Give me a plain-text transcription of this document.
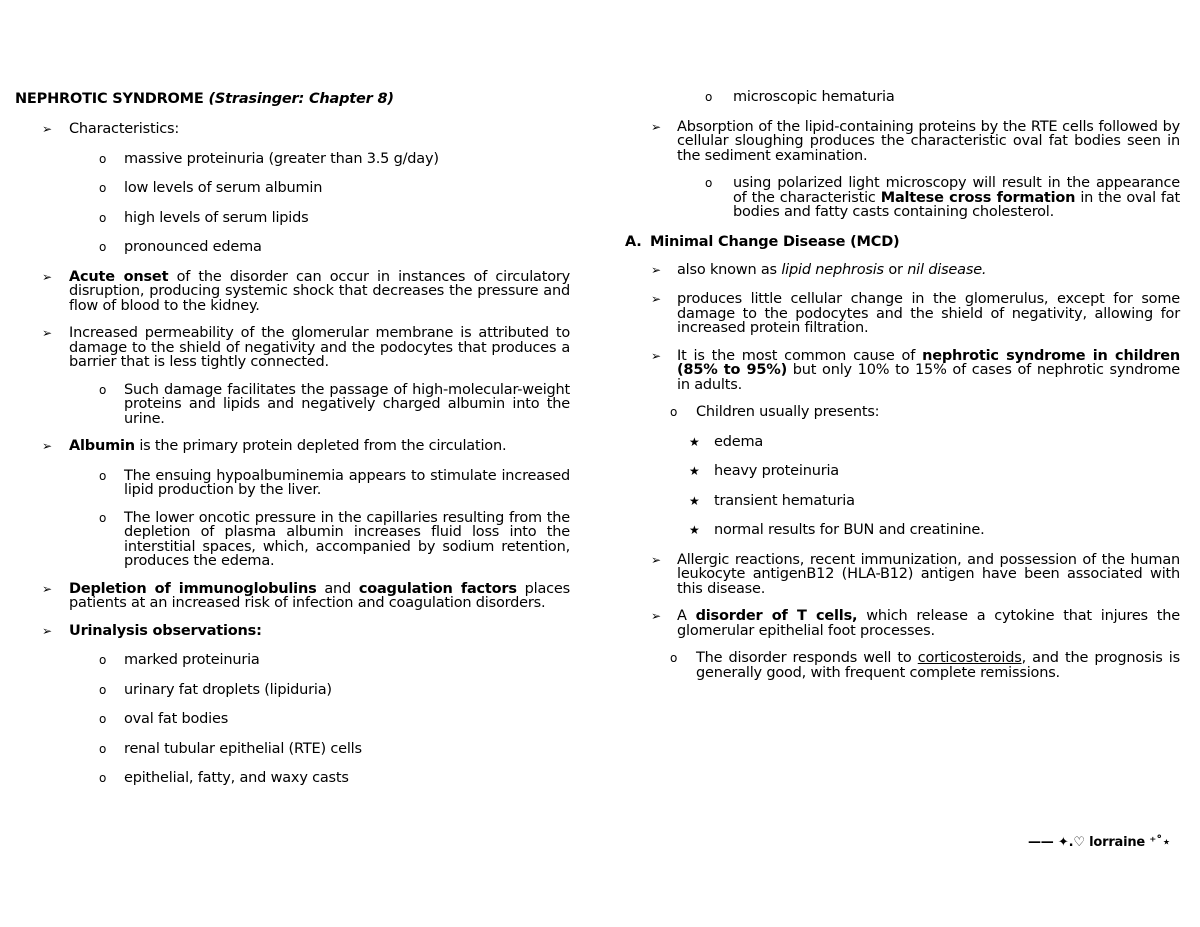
NEPHROTIC SYNDROME (Strasinger: Chapter 8)
➢ Characteristics:
o massive proteinuria (greater than 3.5 g/day)
o low levels of serum albumin
o high levels of serum lipids
o pronounced edema
➢ Acute onset of the disorder can occur in instances of circulatory disruption, producing systemic shock that decreases the pressure and flow of blood to the kidney.
➢ Increased permeability of the glomerular membrane is attributed to damage to the shield of negativity and the podocytes that produces a barrier that is less tightly connected.
o Such damage facilitates the passage of high-molecular-weight proteins and lipids and negatively charged albumin into the urine.
➢ Albumin is the primary protein depleted from the circulation.
o The ensuing hypoalbuminemia appears to stimulate increased lipid production by the liver.
o The lower oncotic pressure in the capillaries resulting from the depletion of plasma albumin increases fluid loss into the interstitial spaces, which, accompanied by sodium retention, produces the edema.
➢ Depletion of immunoglobulins and coagulation factors places patients at an increased risk of infection and coagulation disorders.
➢ Urinalysis observations:
o marked proteinuria
o urinary fat droplets (lipiduria)
o oval fat bodies
o renal tubular epithelial (RTE) cells
o epithelial, fatty, and waxy casts
o microscopic hematuria
➢ Absorption of the lipid-containing proteins by the RTE cells followed by cellular sloughing produces the characteristic oval fat bodies seen in the sediment examination.
o using polarized light microscopy will result in the appearance of the characteristic Maltese cross formation in the oval fat bodies and fatty casts containing cholesterol.
A. Minimal Change Disease (MCD)
➢ also known as lipid nephrosis or nil disease.
➢ produces little cellular change in the glomerulus, except for some damage to the podocytes and the shield of negativity, allowing for increased protein filtration.
➢ It is the most common cause of nephrotic syndrome in children (85% to 95%) but only 10% to 15% of cases of nephrotic syndrome in adults.
o Children usually presents:
★ edema
★ heavy proteinuria
★ transient hematuria
★ normal results for BUN and creatinine.
➢ Allergic reactions, recent immunization, and possession of the human leukocyte antigenB12 (HLA-B12) antigen have been associated with this disease.
➢ A disorder of T cells, which release a cytokine that injures the glomerular epithelial foot processes.
o The disorder responds well to corticosteroids, and the prognosis is generally good, with frequent complete remissions.
—— ✦.♡ lorraine ⁺˚⋆
